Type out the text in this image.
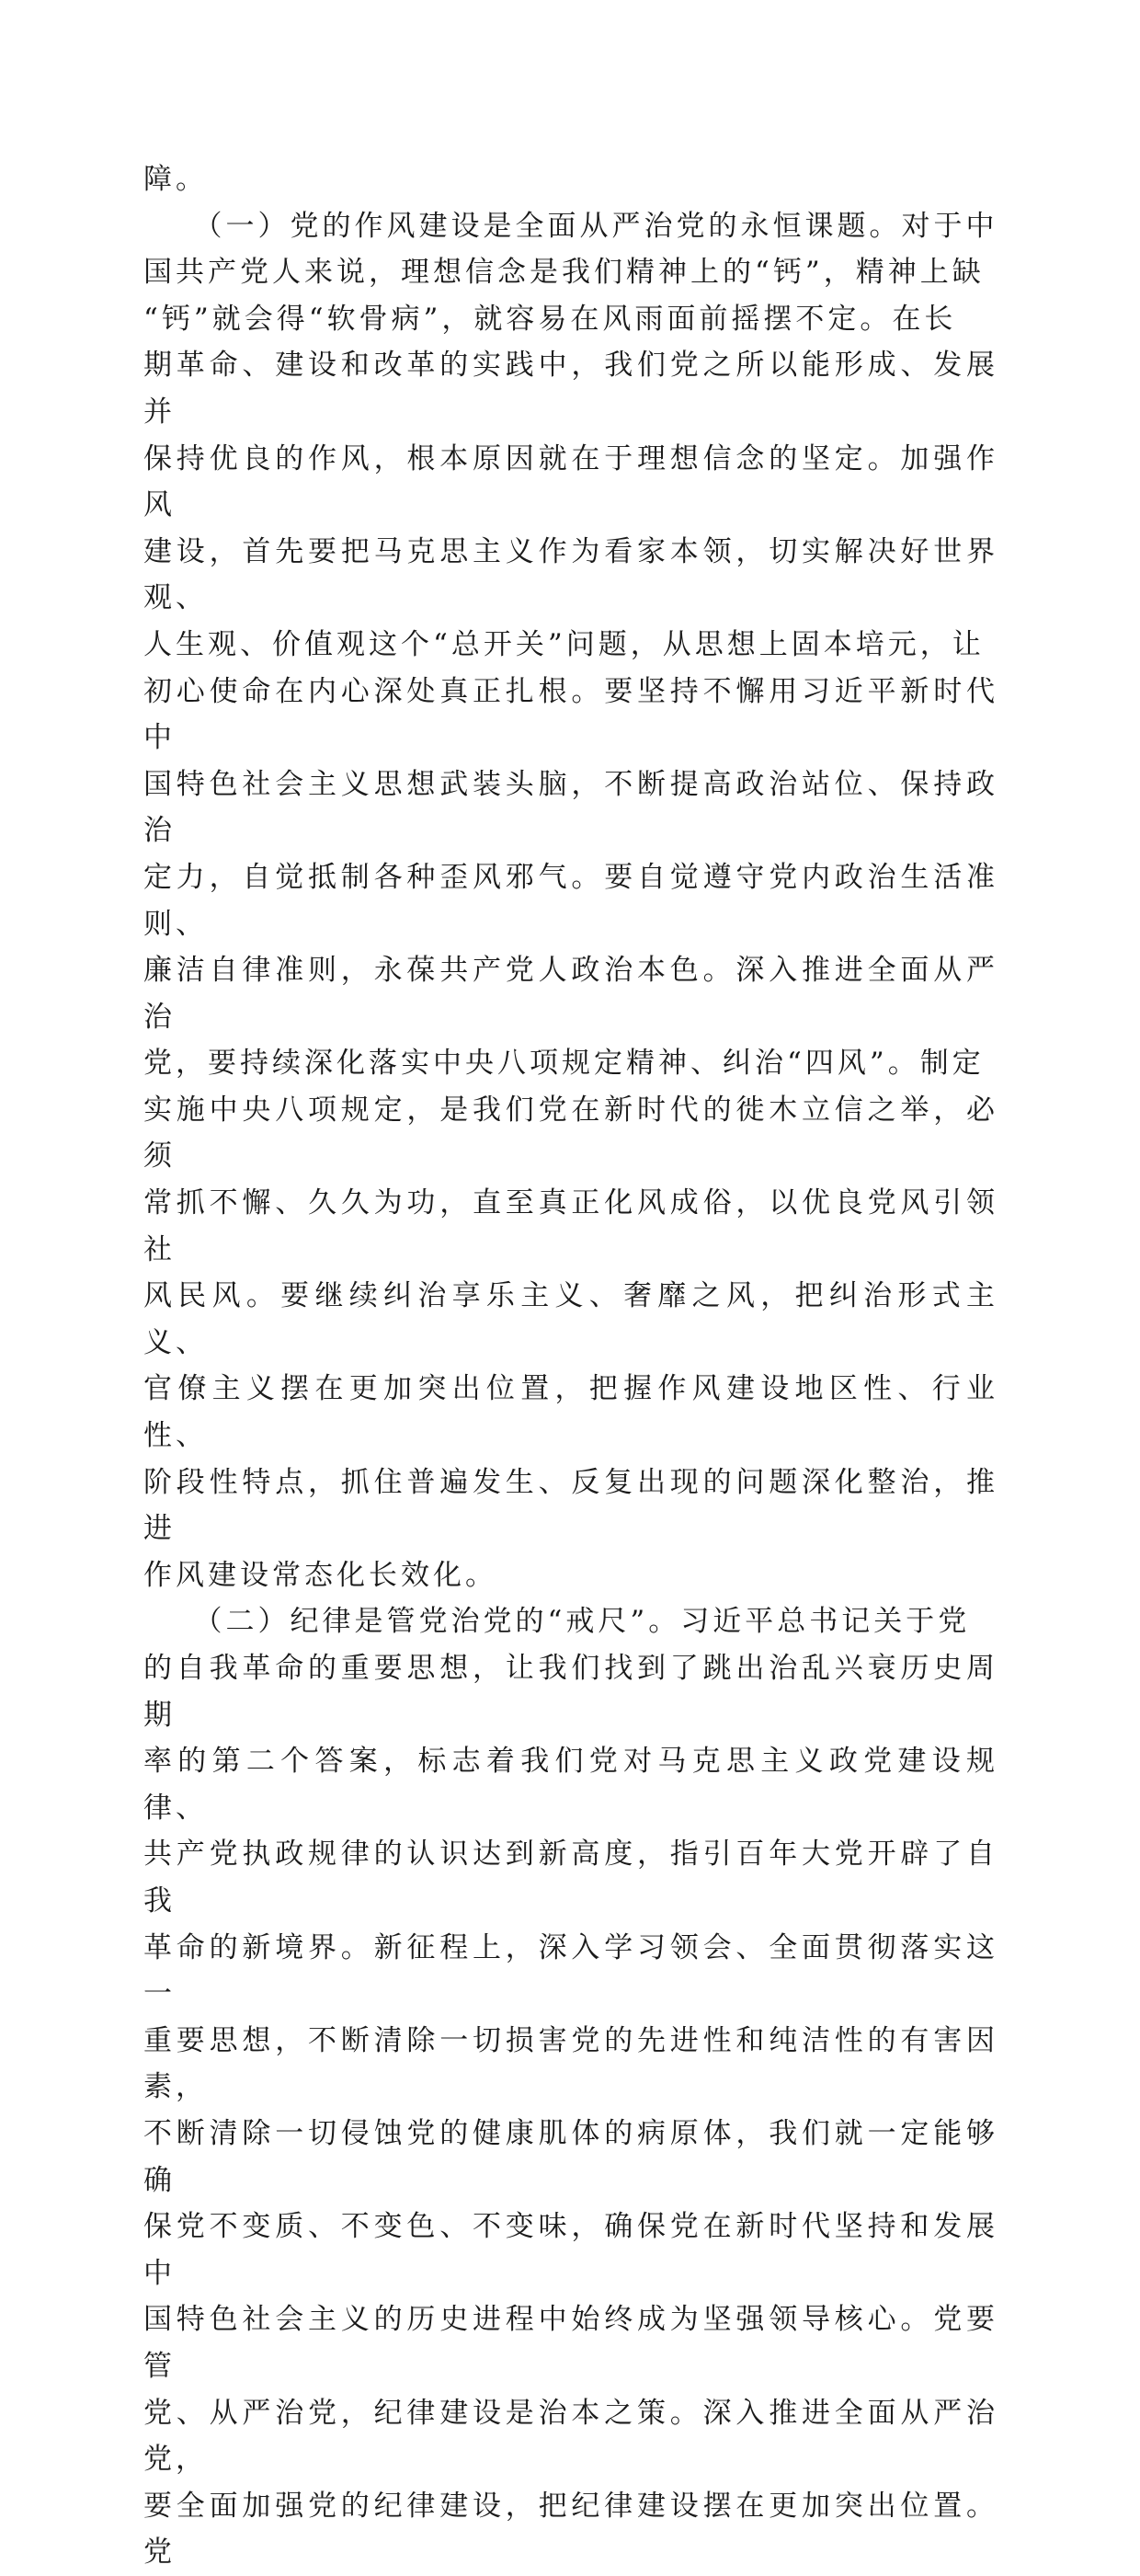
障。
　　（一）党的作风建设是全面从严治党的永恒课题。对于中
国共产党人来说，理想信念是我们精神上的“钙”，精神上缺
“钙”就会得“软骨病”，就容易在风雨面前摇摆不定。在长
期革命、建设和改革的实践中，我们党之所以能形成、发展并
保持优良的作风，根本原因就在于理想信念的坚定。加强作风
建设，首先要把马克思主义作为看家本领，切实解决好世界观、
人生观、价值观这个“总开关”问题，从思想上固本培元，让
初心使命在内心深处真正扎根。要坚持不懈用习近平新时代中
国特色社会主义思想武装头脑，不断提高政治站位、保持政治
定力，自觉抵制各种歪风邪气。要自觉遵守党内政治生活准则、
廉洁自律准则，永葆共产党人政治本色。深入推进全面从严治
党，要持续深化落实中央八项规定精神、纠治“四风”。制定
实施中央八项规定，是我们党在新时代的徙木立信之举，必须
常抓不懈、久久为功，直至真正化风成俗，以优良党风引领社
风民风。要继续纠治享乐主义、奢靡之风，把纠治形式主义、
官僚主义摆在更加突出位置，把握作风建设地区性、行业性、
阶段性特点，抓住普遍发生、反复出现的问题深化整治，推进
作风建设常态化长效化。
　　（二）纪律是管党治党的“戒尺”。习近平总书记关于党
的自我革命的重要思想，让我们找到了跳出治乱兴衰历史周期
率的第二个答案，标志着我们党对马克思主义政党建设规律、
共产党执政规律的认识达到新高度，指引百年大党开辟了自我
革命的新境界。新征程上，深入学习领会、全面贯彻落实这一
重要思想，不断清除一切损害党的先进性和纯洁性的有害因素，
不断清除一切侵蚀党的健康肌体的病原体，我们就一定能够确
保党不变质、不变色、不变味，确保党在新时代坚持和发展中
国特色社会主义的历史进程中始终成为坚强领导核心。党要管
党、从严治党，纪律建设是治本之策。深入推进全面从严治党，
要全面加强党的纪律建设，把纪律建设摆在更加突出位置。党
